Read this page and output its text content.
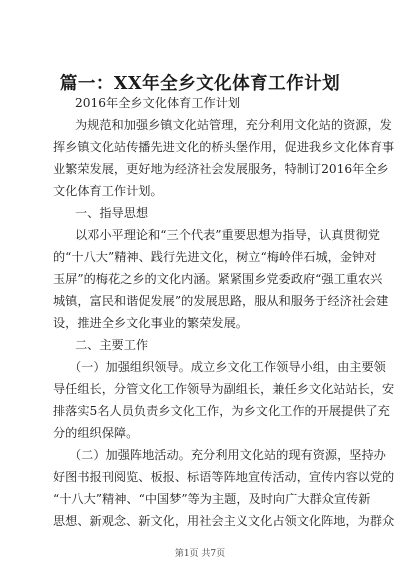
篇一：XX年全乡文化体育工作计划
2016年全乡文化体育工作计划
为规范和加强乡镇文化站管理，充分利用文化站的资源，发
挥乡镇文化站传播先进文化的桥头堡作用，促进我乡文化体育事
业繁荣发展，更好地为经济社会发展服务，特制订2016年全乡
文化体育工作计划。
一、指导思想
以邓小平理论和“三个代表”重要思想为指导，认真贯彻党
的“十八大”精神、践行先进文化，树立“梅岭伴石城，金钟对
玉屏”的梅花之乡的文化内涵。紧紧围乡党委政府“强工重农兴
城镇，富民和谐促发展”的发展思路，服从和服务于经济社会建
设，推进全乡文化事业的繁荣发展。
二、主要工作
（一）加强组织领导。成立乡文化工作领导小组，由主要领
导任组长，分管文化工作领导为副组长，兼任乡文化站站长，安
排落实5名人员负责乡文化工作，为乡文化工作的开展提供了充
分的组织保障。
（二）加强阵地活动。充分利用文化站的现有资源，坚持办
好图书报刊阅览、板报、标语等阵地宣传活动，宣传内容以党的
“十八大”精神、“中国梦”等为主题，及时向广大群众宣传新
思想、新观念、新文化，用社会主义文化占领文化阵地，为群众
第1页 共7页
